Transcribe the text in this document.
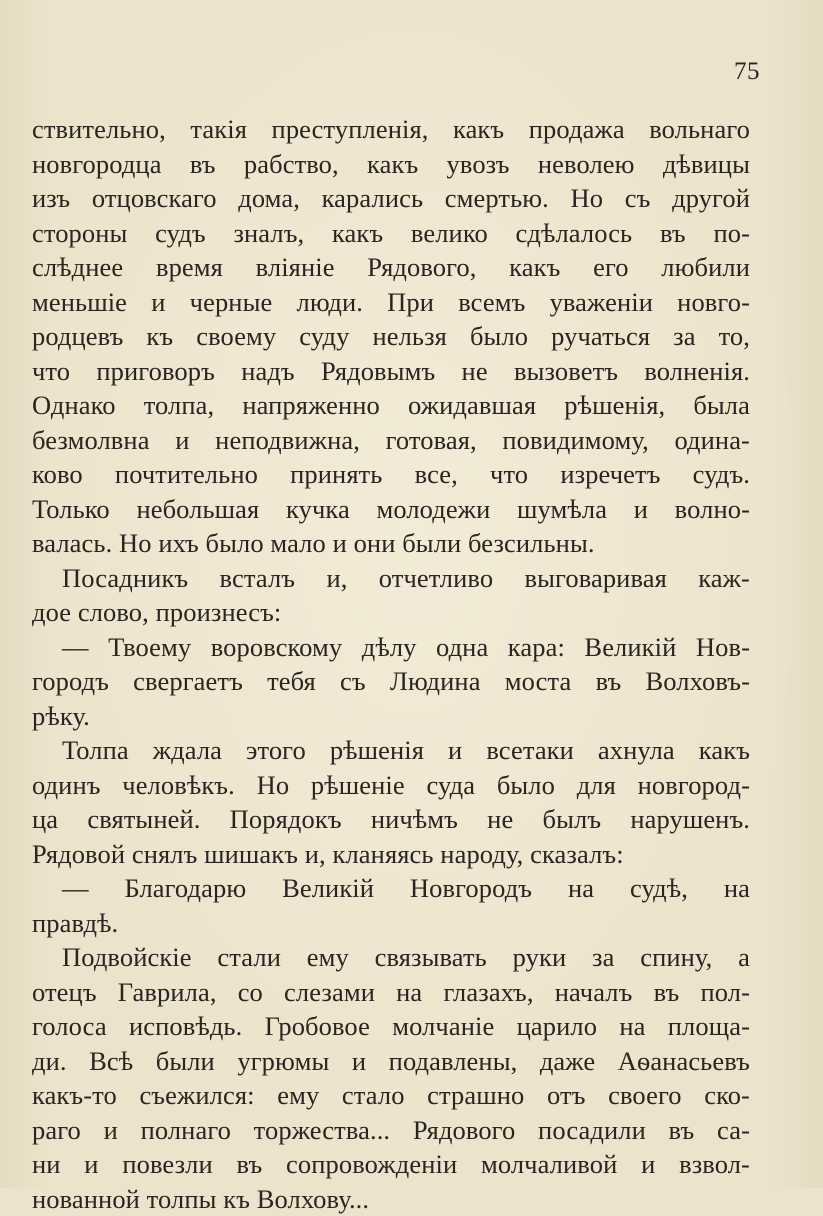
75
ствительно, такія преступленія, какъ продажа вольнаго
новгородца въ рабство, какъ увозъ неволею дѣвицы
изъ отцовскаго дома, карались смертью. Но съ другой
стороны судъ зналъ, какъ велико сдѣлалось въ по-
слѣднее время вліяніе Рядового, какъ его любили
меньшіе и черные люди. При всемъ уваженіи новго-
родцевъ къ своему суду нельзя было ручаться за то,
что приговоръ надъ Рядовымъ не вызоветъ волненія.
Однако толпа, напряженно ожидавшая рѣшенія, была
безмолвна и неподвижна, готовая, повидимому, одина-
ково почтительно принять все, что изречетъ судъ.
Только небольшая кучка молодежи шумѣла и волно-
валась. Но ихъ было мало и они были безсильны.
Посадникъ всталъ и, отчетливо выговаривая каж-
дое слово, произнесъ:
— Твоему воровскому дѣлу одна кара: Великій Нов-
городъ свергаетъ тебя съ Людина моста въ Волховъ-
рѣку.
Толпа ждала этого рѣшенія и всетаки ахнула какъ
одинъ человѣкъ. Но рѣшеніе суда было для новгород-
ца святыней. Порядокъ ничѣмъ не былъ нарушенъ.
Рядовой снялъ шишакъ и, кланяясь народу, сказалъ:
— Благодарю Великій Новгородъ на судѣ, на
правдѣ.
Подвойскіе стали ему связывать руки за спину, а
отецъ Гаврила, со слезами на глазахъ, началъ въ пол-
голоса исповѣдь. Гробовое молчаніе царило на площа-
ди. Всѣ были угрюмы и подавлены, даже Аѳанасьевъ
какъ-то съежился: ему стало страшно отъ своего ско-
раго и полнаго торжества... Рядового посадили въ са-
ни и повезли въ сопровожденіи молчаливой и взвол-
нованной толпы къ Волхову...
